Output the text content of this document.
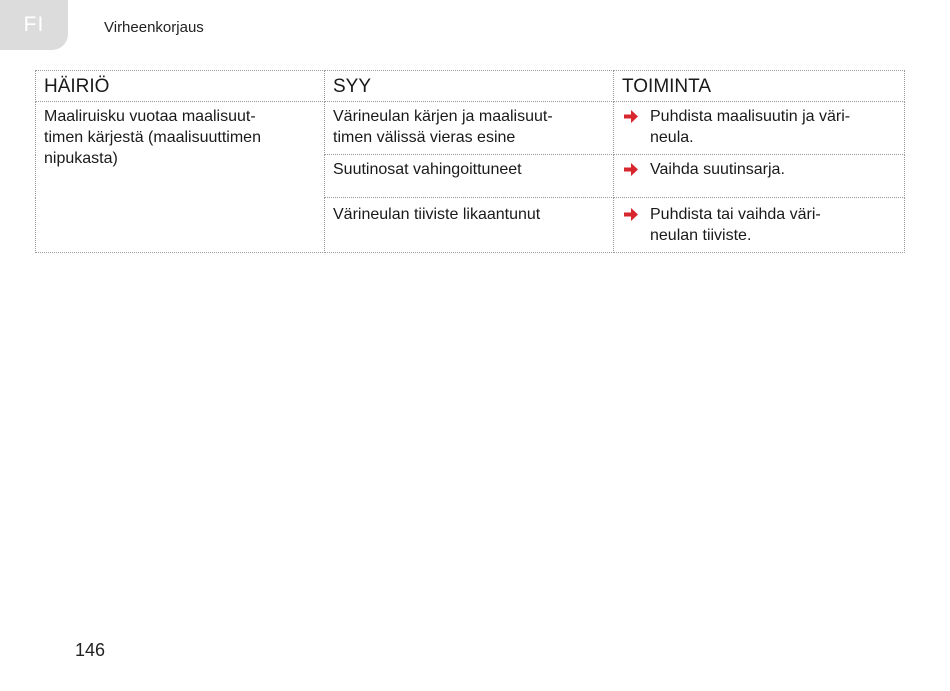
FI	Virheenkorjaus
HÄIRIÖ	SYY	TOIMINTA
Maaliruisku vuotaa maalisuut-
timen kärjestä (maalisuuttimen
nipukasta)	Värineulan kärjen ja maalisuut-
timen välissä vieras esine	Puhdista maalisuutin ja väri-
neula.

	Suutinosat vahingoittuneet	Vaihda suutinsarja.

	Värineulan tiiviste likaantunut	Puhdista tai vaihda väri-
neulan tiiviste.
146
